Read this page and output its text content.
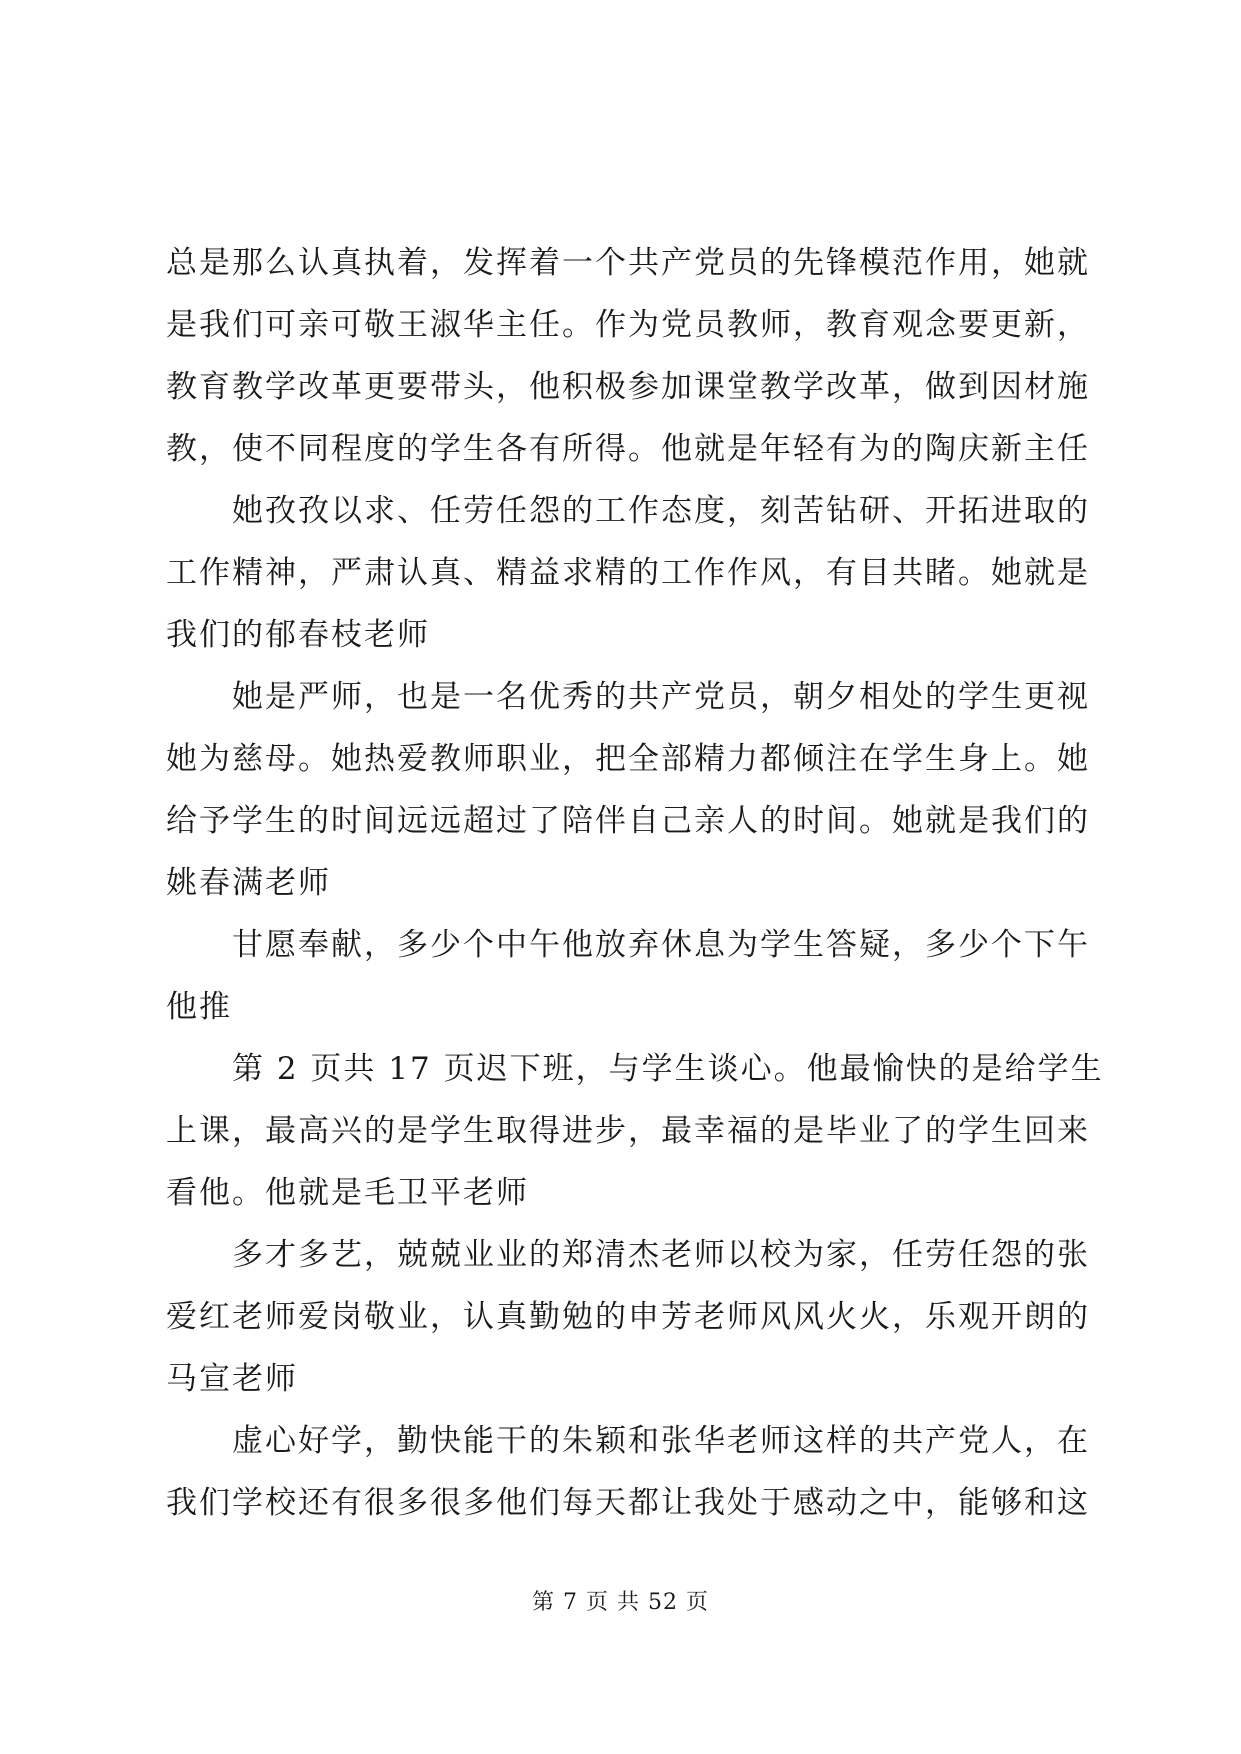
总是那么认真执着，发挥着一个共产党员的先锋模范作用，她就
是我们可亲可敬王淑华主任。作为党员教师，教育观念要更新，
教育教学改革更要带头，他积极参加课堂教学改革，做到因材施
教，使不同程度的学生各有所得。他就是年轻有为的陶庆新主任
她孜孜以求、任劳任怨的工作态度，刻苦钻研、开拓进取的
工作精神，严肃认真、精益求精的工作作风，有目共睹。她就是
我们的郁春枝老师
她是严师，也是一名优秀的共产党员，朝夕相处的学生更视
她为慈母。她热爱教师职业，把全部精力都倾注在学生身上。她
给予学生的时间远远超过了陪伴自己亲人的时间。她就是我们的
姚春满老师
甘愿奉献，多少个中午他放弃休息为学生答疑，多少个下午
他推
第 2 页共 17 页迟下班，与学生谈心。他最愉快的是给学生
上课，最高兴的是学生取得进步，最幸福的是毕业了的学生回来
看他。他就是毛卫平老师
多才多艺，兢兢业业的郑清杰老师以校为家，任劳任怨的张
爱红老师爱岗敬业，认真勤勉的申芳老师风风火火，乐观开朗的
马宣老师
虚心好学，勤快能干的朱颖和张华老师这样的共产党人，在
我们学校还有很多很多他们每天都让我处于感动之中，能够和这
第 7 页 共 52 页
